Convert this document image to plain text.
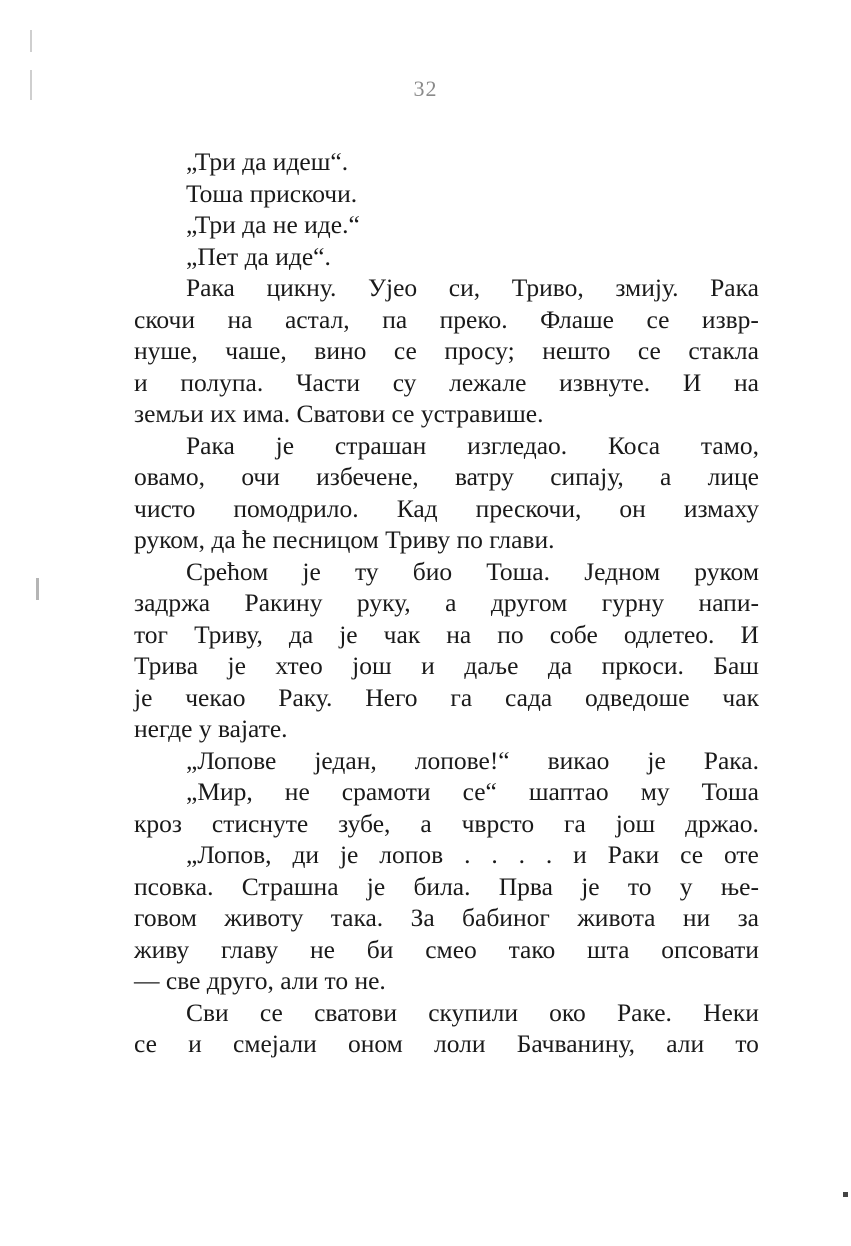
32
„Три да идеш“.
Тоша прискочи.
„Три да не иде.“
„Пет да иде“.
Рака цикну. Ујео си, Триво, змију. Рака
скочи на астал, па преко. Флаше се извр-
нуше, чаше, вино се просу; нешто се стакла
и полупа. Части су лежале извнуте. И на
земљи их има. Сватови се устравише.
Рака је страшан изгледао. Коса тамо,
овамо, очи избечене, ватру сипају, а лице
чисто помодрило. Кад прескочи, он измаху
руком, да ће песницом Триву по глави.
Срећом је ту био Тоша. Једном руком
задржа Ракину руку, а другом гурну напи-
тог Триву, да је чак на по собе одлетео. И
Трива је хтео још и даље да пркоси. Баш
је чекао Раку. Него га сада одведоше чак
негде у вајате.
„Лопове један, лопове!“ викао је Рака.
„Мир, не срамоти се“ шаптао му Тоша
кроз стиснуте зубе, а чврсто га још држао.
„Лопов, ди је лопов . . . . и Раки се оте
псовка. Страшна је била. Прва је то у ње-
говом животу така. За бабиног живота ни за
живу главу не би смео тако шта опсовати
— све друго, али то не.
Сви се сватови скупили око Раке. Неки
се и смејали оном лоли Бачванину, али то
